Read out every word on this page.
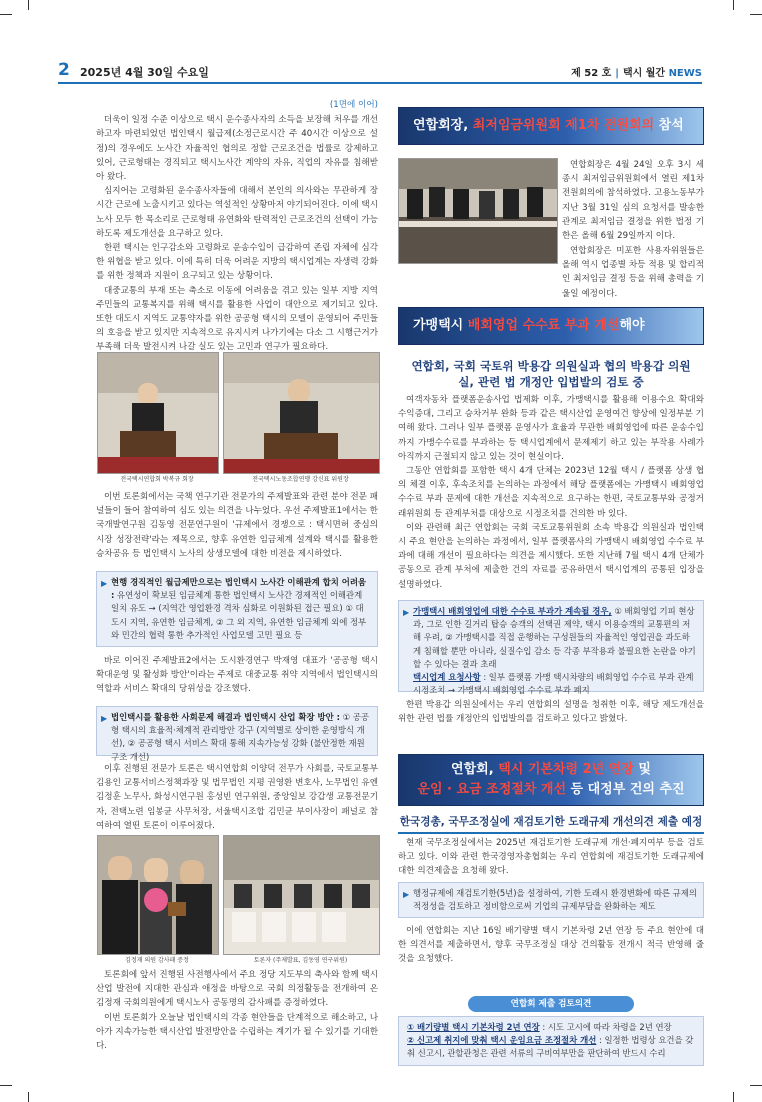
2 2025년 4월 30일 수요일	제 52 호 | 택시 월간 NEWS
(1면에 이어)

더욱이 일정 수준 이상으로 택시 운수종사자의 소득을 보장해 처우를 개선하고자 마련되었던 법인택시 월급제(소정근로시간 주 40시간 이상으로 설정)의 경우에도 노사간 자율적인 협의로 정할 근로조건을 법률로 강제하고 있어, 근로형태는 경직되고 택시노사간 계약의 자유, 직업의 자유를 침해받아 왔다.

심지어는 고령화된 운수종사자들에 대해서 본인의 의사와는 무관하게 장시간 근로에 노출시키고 있다는 역설적인 상황마저 야기되어진다. 이에 택시노사 모두 한 목소리로 근로형태 유연화와 탄력적인 근로조건의 선택이 가능하도록 제도개선을 요구하고 있다.

한편 택시는 인구감소와 고령화로 운송수입이 급감하여 존립 자체에 심각한 위협을 받고 있다. 이에 특히 더욱 어려운 지방의 택시업계는 자생력 강화를 위한 정책과 지원이 요구되고 있는 상황이다.

대중교통의 부재 또는 축소로 이동에 어려움을 겪고 있는 일부 지방 지역 주민들의 교통복지를 위해 택시를 활용한 사업이 대안으로 제기되고 있다. 또한 대도시 지역도 교통약자를 위한 공공형 택시의 모델이 운영되어 주민들의 호응을 받고 있지만 지속적으로 유지시켜 나가기에는 다소 그 시행근거가 부족해 더욱 발전시켜 나갈 실도 있는 고민과 연구가 필요하다.

전국택시연합회 박복규 회장	전국택시노동조합연맹 강신표 위원장

이번 토론회에서는 국책 연구기관 전문가의 주제발표와 관련 분야 전문 패널들이 들어 참여하여 심도 있는 의견을 나누었다. 우선 주제발표1에서는 한국개발연구원 김동영 전문연구원이 '규제에서 경쟁으로 : 택시면허 중심의 시장 성장전략'라는 제목으로, 향후 유연한 임금체계 설계와 택시를 활용한 승차공유 등 법인택시 노사의 상생모델에 대한 비전을 제시하였다.

▶ 현행 경직적인 월급제만으로는 법인택시 노사간 이해관계 합치 어려움 : 유연성이 확보된 임금체계 통한 법인택시 노사간 경제적인 이해관계 일치 유도 → (지역간 영업환경 격차 심화로 이원화된 접근 필요) ① 대도시 지역, 유연한 임금체계, ② 그 외 지역, 유연한 임금체계 외에 정부와 민간의 협력 통한 추가적인 사업모델 고민 필요 등

바로 이어진 주제발표2에서는 도시환경연구 박재영 대표가 '공공형 택시 확대운영 및 활성화 방안'이라는 주제로 대중교통 취약 지역에서 법인택시의 역할과 서비스 확대의 당위성을 강조했다.

▶ 법인택시를 활용한 사회문제 해결과 법인택시 산업 확장 방안 : ① 공공형 택시의 효율적·체계적 관리방안 강구 (지역별로 상이한 운영방식 개선), ② 공공형 택시 서비스 확대 통해 지속가능성 강화 (불안정한 재원구조 개선)

이후 진행된 전문가 토론은 택시연합회 이양덕 전무가 사회를, 국토교통부 김용인 교통서비스정책과장 및 법무법인 지평 권영환 변호사, 노무법인 유엔 김정훈 노무사, 화성시연구원 홍성빈 연구위원, 중앙일보 강갑생 교통전문기자, 전택노련 임봉균 사무처장, 서울택시조합 김민균 부이사장이 패널로 참여하여 열띤 토론이 이루어졌다.

김정재 의원 감사패 증정	토론자 (주제발표, 김동영 연구위원)

토론회에 앞서 진행된 사전행사에서 주요 정당 지도부의 축사와 함께 택시산업 발전에 지대한 관심과 애정을 바탕으로 국회 의정활동을 전개하여 온 김정재 국회의원에게 택시노사 공동명의 감사패를 증정하였다.

이번 토론회가 오늘날 법인택시의 각종 현안들을 단계적으로 해소하고, 나아가 지속가능한 택시산업 발전방안을 수립하는 계기가 될 수 있기를 기대한다.

연합회장, 최저임금위원회 제1차 전원회의 참석

연합회장은 4월 24일 오후 3시 세종시 최저임금위원회에서 열린 제1차 전원회의에 참석하였다. 고용노동부가 지난 3월 31일 심의 요청서를 발송한 관계로 최저임금 결정을 위한 법정 기한은 올해 6월 29일까지 이다.

연합회장은 미포한 사용자위원들은 올해 역시 업종별 차등 적용 및 합리적인 최저임금 결정 등을 위해 총력을 기울일 예정이다.

가맹택시 배회영업 수수료 부과 개선해야
연합회, 국회 국토위 박용갑 의원실과 협의 박용갑 의원실, 관련 법 개정안 입법발의 검토 중

여객자동차 플랫폼운송사업 법제화 이후, 가맹택시를 활용해 이용수요 확대와 수익증대, 그리고 승차거부 완화 등과 같은 택시산업 운영여건 향상에 일정부분 기여해 왔다. 그러나 일부 플랫폼 운영사가 효율과 무관한 배회영업에 따른 운송수입까지 가맹수수료를 부과하는 등 택시업계에서 문제제기 하고 있는 부작용 사례가 아직까지 근절되지 않고 있는 것이 현실이다.

그동안 연합회를 포함한 택시 4개 단체는 2023년 12월 택시 / 플랫폼 상생 협의 체결 이후, 후속조치를 논의하는 과정에서 해당 플랫폼에는 가맹택시 배회영업 수수료 부과 문제에 대한 개선을 지속적으로 요구하는 한편, 국토교통부와 공정거래위원회 등 관계부처를 대상으로 시정조치를 건의한 바 있다.

이와 관련해 최근 연합회는 국회 국토교통위원회 소속 박용갑 의원실과 법인택시 주요 현안을 논의하는 과정에서, 일부 플랫폼사의 가맹택시 배회영업 수수료 부과에 대해 개선이 필요하다는 의견을 제시했다. 또한 지난해 7월 택시 4개 단체가 공동으로 관계 부처에 제출한 건의 자료를 공유하면서 택시업계의 공통된 입장을 설명하였다.

▶ 가맹택시 배회영업에 대한 수수료 부과가 계속될 경우, ① 배회영업 기피 현상과, 그로 인한 길거리 탑승 승객의 선택권 제약, 택시 이용승객의 교통편의 저해 우려, ② 가맹택시를 직접 운행하는 구성원들의 자율적인 영업권을 과도하게 침해할 뿐만 아니라, 실질수입 감소 등 각종 부작용과 불필요한 논란을 야기 할 수 있다는 결과 초래
택시업계 요청사항 : 일부 플랫폼 가맹 택시차량의 배회영업 수수료 부과 관계 시정조치 → 가맹택시 배회영업 수수료 부과 폐지

한편 박용갑 의원실에서는 우리 연합회의 설명을 청취한 이후, 해당 제도개선을 위한 관련 법률 개정안의 입법발의를 검토하고 있다고 밝혔다.

연합회, 택시 기본차령 2년 연장 및
운임 · 요금 조정절차 개선 등 대정부 건의 추진
한국경총, 국무조정실에 재검토기한 도래규제 개선의견 제출 예정

현재 국무조정실에서는 2025년 재검토기한 도래규제 개선·폐지여부 등을 검토하고 있다. 이와 관련 한국경영자총협회는 우리 연합회에 재검토기한 도래규제에 대한 의견제출을 요청해 왔다.

▶ 행정규제에 재검토기한(5년)을 설정하여, 기한 도래시 환경변화에 따른 규제의 적정성을 검토하고 정비함으로써 기업의 규제부담을 완화하는 제도

이에 연합회는 지난 16일 배기량별 택시 기본차령 2년 연장 등 주요 현안에 대한 의견서를 제출하면서, 향후 국무조정실 대상 건의활동 전개시 적극 반영해 줄 것을 요청했다.

연합회 제출 검토의견
① 배기량별 택시 기본차령 2년 연장 : 시도 고시에 따라 차령을 2년 연장
② 신고제 취지에 맞춰 택시 운임요금 조정절차 개선 : 일정한 법령상 요건을 갖춰 신고시, 관할관청은 관련 서류의 구비여부만을 판단하여 반드시 수리
